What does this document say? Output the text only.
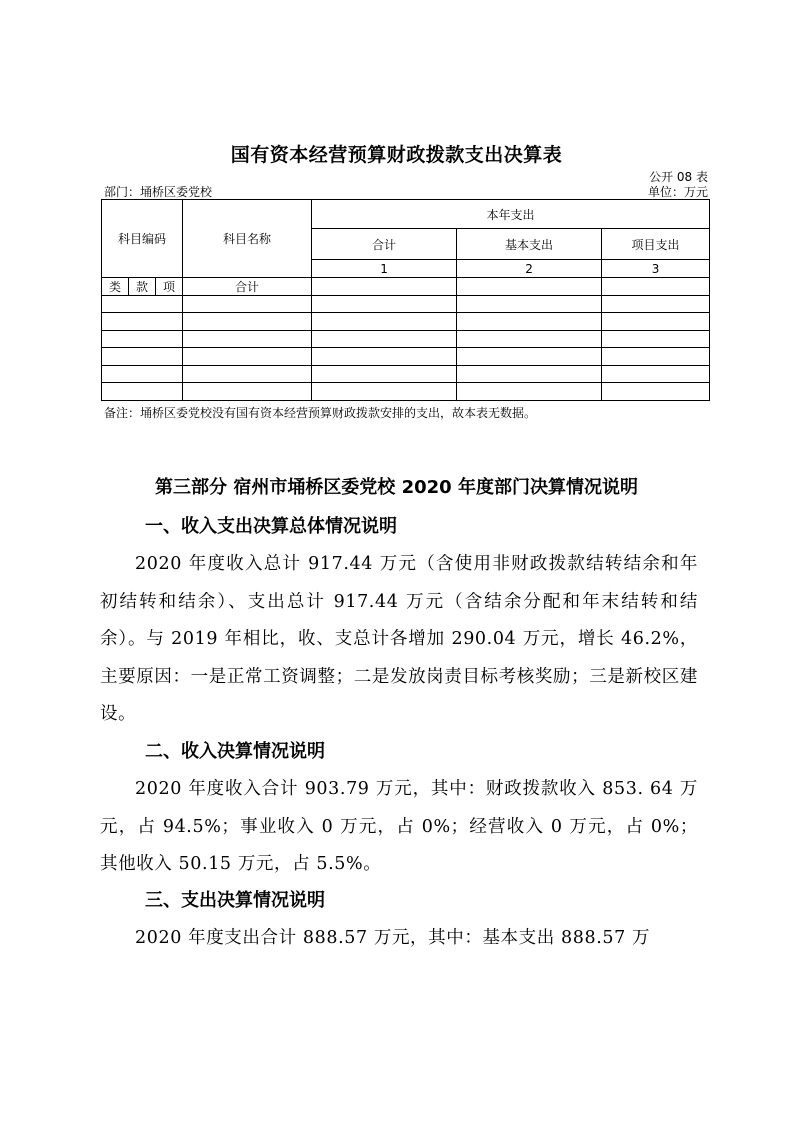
国有资本经营预算财政拨款支出决算表
公开 08 表
部门：埇桥区委党校	单位：万元
科目编码			科目名称	本年支出		
				合计	基本支出	项目支出
				1	2	3
类	款	项	合计			

备注：埇桥区委党校没有国有资本经营预算财政拨款安排的支出，故本表无数据。
第三部分 宿州市埇桥区委党校 2020 年度部门决算情况说明
一、收入支出决算总体情况说明
2020 年度收入总计 917.44 万元（含使用非财政拨款结转结余和年初结转和结余）、支出总计 917.44 万元（含结余分配和年末结转和结余）。与 2019 年相比，收、支总计各增加 290.04 万元，增长 46.2%，主要原因：一是正常工资调整；二是发放岗责目标考核奖励；三是新校区建设。
二、收入决算情况说明
2020 年度收入合计 903.79 万元，其中：财政拨款收入 853. 64 万元，占 94.5%；事业收入 0 万元，占 0%；经营收入 0 万元，占 0%；其他收入 50.15 万元，占 5.5%。
三、支出决算情况说明
2020 年度支出合计 888.57 万元，其中：基本支出 888.57 万
